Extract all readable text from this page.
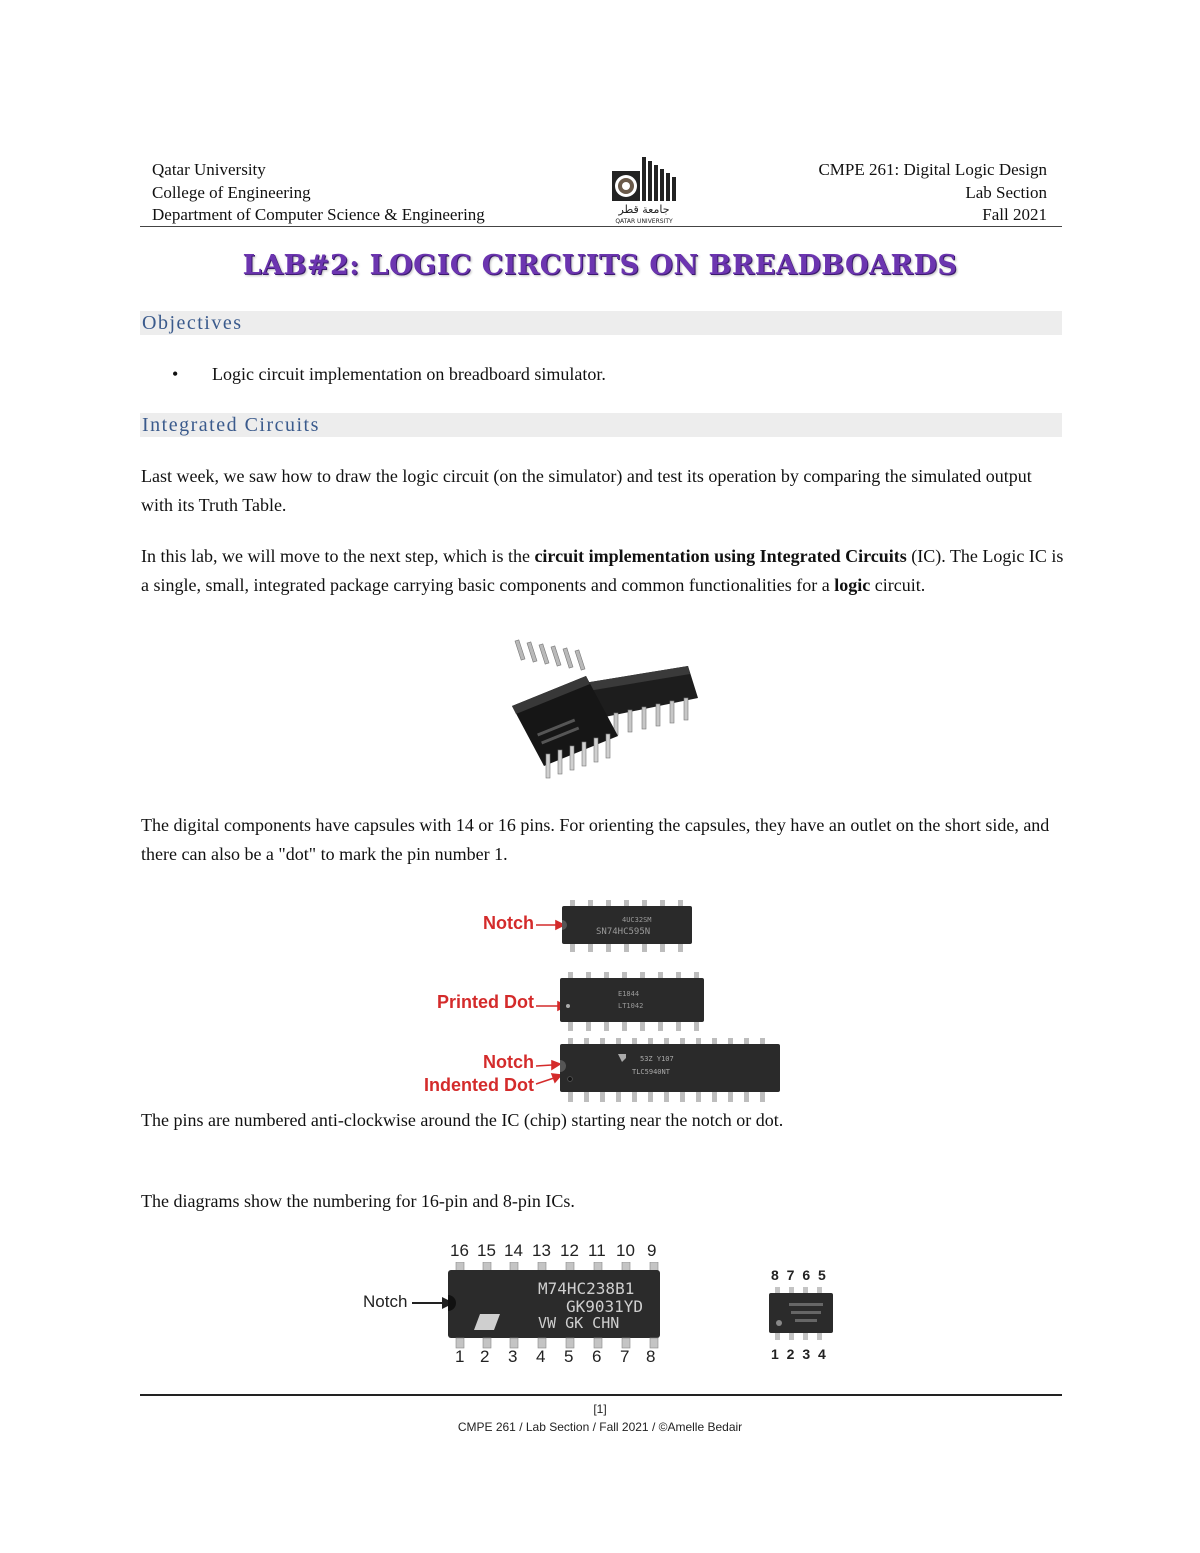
Qatar University
College of Engineering
Department of Computer Science & Engineering	جامعة قطر
QATAR UNIVERSITY
CMPE 261: Digital Logic Design
Lab Section
Fall 2021
LAB#2: LOGIC CIRCUITS ON BREADBOARDS
Objectives
• Logic circuit implementation on breadboard simulator.
Integrated Circuits
Last week, we saw how to draw the logic circuit (on the simulator) and test its operation by comparing the simulated output with its Truth Table.
In this lab, we will move to the next step, which is the circuit implementation using Integrated Circuits (IC). The Logic IC is a single, small, integrated package carrying basic components and common functionalities for a logic circuit.
The digital components have capsules with 14 or 16 pins. For orienting the capsules, they have an outlet on the short side, and there can also be a "dot" to mark the pin number 1.
Notch
Printed Dot
Notch
Indented Dot
4UC32SM
SN74HC595N
E1844
LT1042
53Z Y107
TLC5940NT
The pins are numbered anti-clockwise around the IC (chip) starting near the notch or dot.
The diagrams show the numbering for 16-pin and 8-pin ICs.
Notch
16 15 14 13 12 11 10 9
M74HC238B1
GK9031YD
VW GK CHN
1 2 3 4 5 6 7 8
8 7 6 5
1 2 3 4
[1]
CMPE 261 / Lab Section / Fall 2021 / ©Amelle Bedair
